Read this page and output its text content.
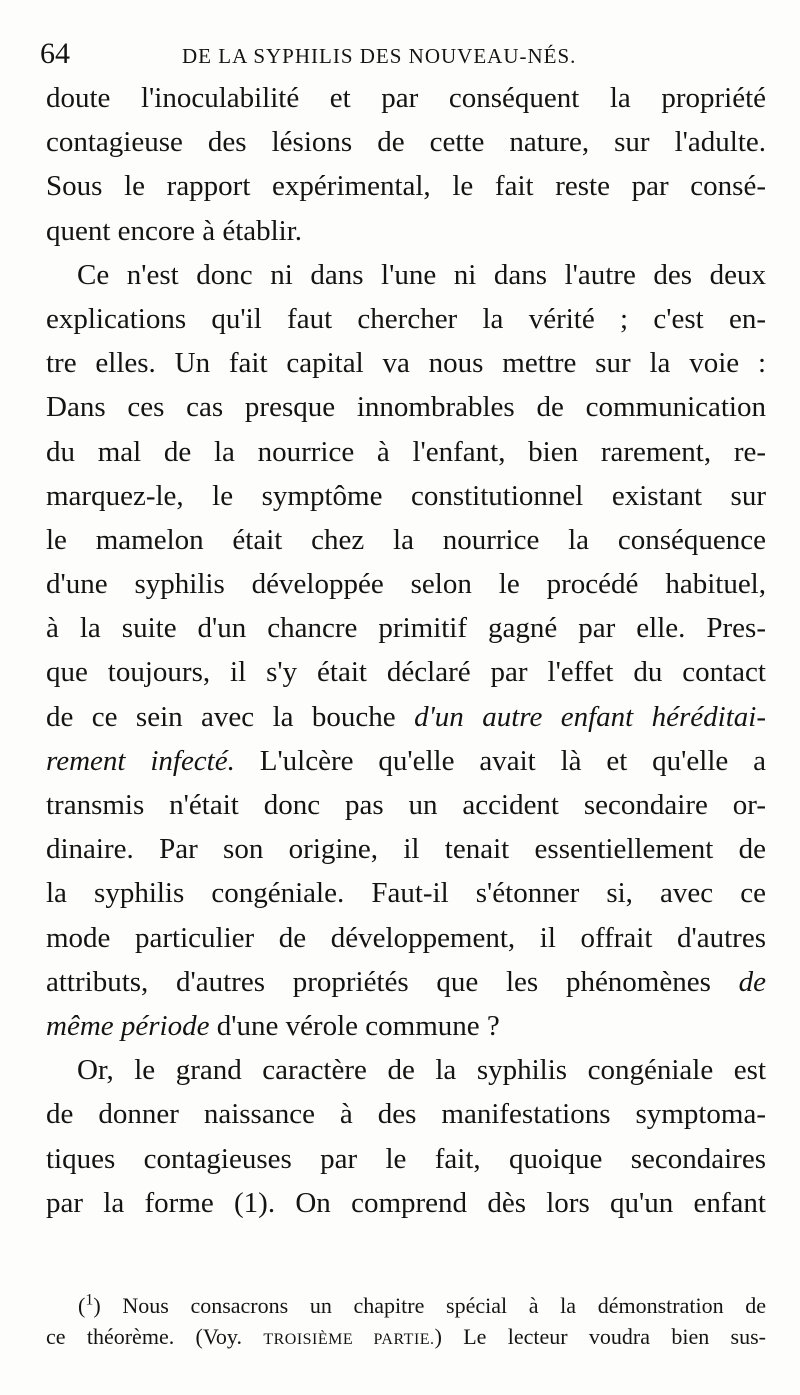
64	DE LA SYPHILIS DES NOUVEAU-NÉS.
doute l'inoculabilité et par conséquent la propriété
contagieuse des lésions de cette nature, sur l'adulte.
Sous le rapport expérimental, le fait reste par consé-
quent encore à établir.
Ce n'est donc ni dans l'une ni dans l'autre des deux
explications qu'il faut chercher la vérité ; c'est en-
tre elles. Un fait capital va nous mettre sur la voie :
Dans ces cas presque innombrables de communication
du mal de la nourrice à l'enfant, bien rarement, re-
marquez-le, le symptôme constitutionnel existant sur
le mamelon était chez la nourrice la conséquence
d'une syphilis développée selon le procédé habituel,
à la suite d'un chancre primitif gagné par elle. Pres-
que toujours, il s'y était déclaré par l'effet du contact
de ce sein avec la bouche d'un autre enfant héréditai-
rement infecté. L'ulcère qu'elle avait là et qu'elle a
transmis n'était donc pas un accident secondaire or-
dinaire. Par son origine, il tenait essentiellement de
la syphilis congéniale. Faut-il s'étonner si, avec ce
mode particulier de développement, il offrait d'autres
attributs, d'autres propriétés que les phénomènes de
même période d'une vérole commune ?
Or, le grand caractère de la syphilis congéniale est
de donner naissance à des manifestations symptoma-
tiques contagieuses par le fait, quoique secondaires
par la forme (1). On comprend dès lors qu'un enfant
($^1$) Nous consacrons un chapitre spécial à la démonstration de
ce théorème. (Voy. TROISIÈME PARTIE.) Le lecteur voudra bien sus-
